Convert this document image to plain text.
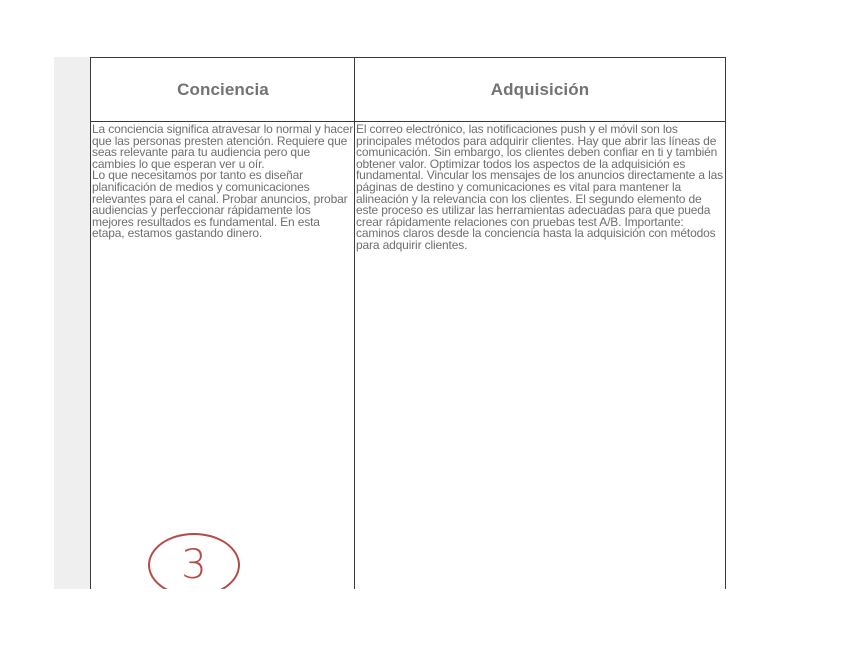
Conciencia

La conciencia significa atravesar lo normal y hacer que las personas presten atención. Requiere que seas relevante para tu audiencia pero que cambies lo que esperan ver u oír.

Lo que necesitamos por tanto es diseñar planificación de medios y comunicaciones relevantes para el canal. Probar anuncios, probar audiencias y perfeccionar rápidamente los mejores resultados es fundamental. En esta etapa, estamos gastando dinero.

Adquisición

El correo electrónico, las notificaciones push y el móvil son los principales métodos para adquirir clientes. Hay que abrir las líneas de comunicación. Sin embargo, los clientes deben confiar en ti y también obtener valor. Optimizar todos los aspectos de la adquisición es fundamental. Vincular los mensajes de los anuncios directamente a las páginas de destino y comunicaciones es vital para mantener la alineación y la relevancia con los clientes. El segundo elemento de este proceso es utilizar las herramientas adecuadas para que pueda crear rápidamente relaciones con pruebas test A/B. Importante: caminos claros desde la conciencia hasta la adquisición con métodos para adquirir clientes.

3
